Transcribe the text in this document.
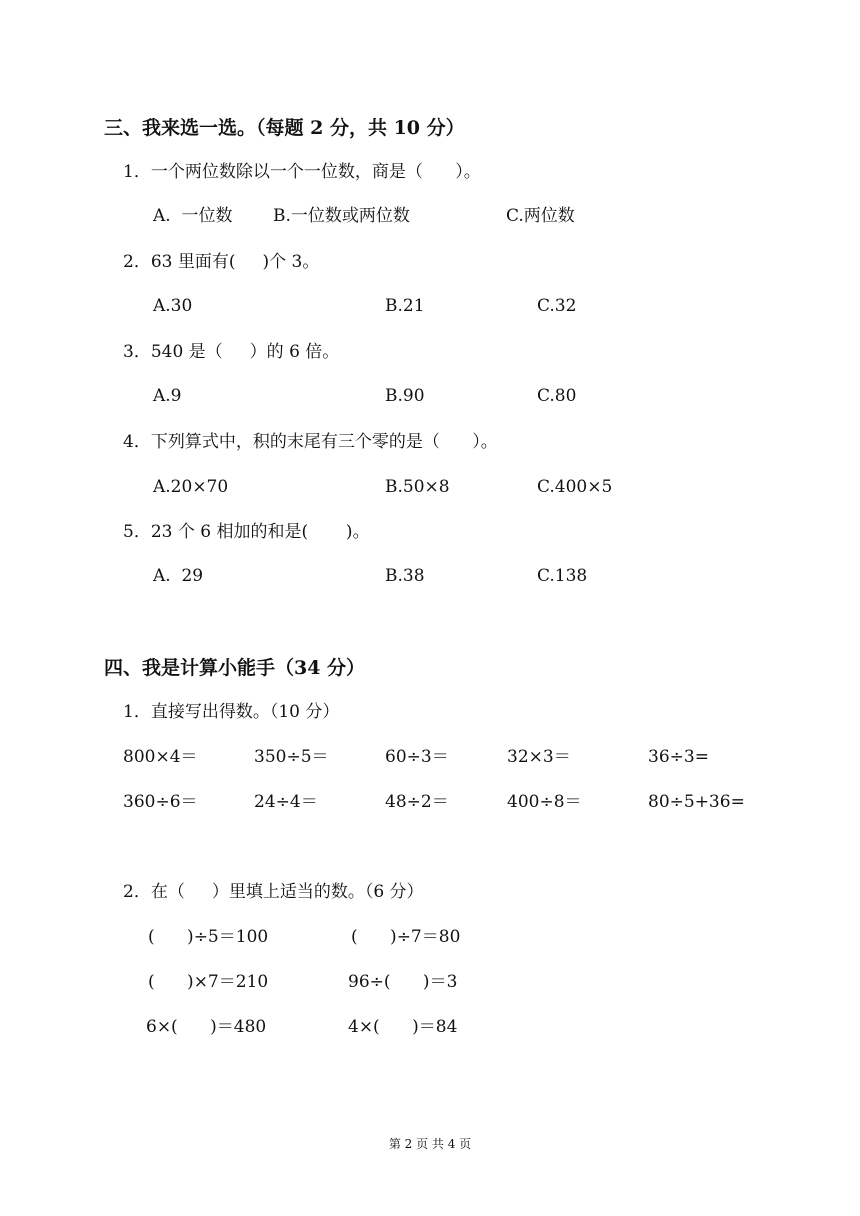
三、我来选一选。（每题 2 分，共 10 分）
1．一个两位数除以一个一位数，商是（      ）。
A.  一位数 B.一位数或两位数	C.两位数
2．63 里面有(     )个 3。
A.30	B.21	C.32
3．540 是（     ）的 6 倍。
A.9	B.90	C.80
4．下列算式中，积的末尾有三个零的是（      ）。
A.20×70	B.50×8	C.400×5
5．23 个 6 相加的和是(       )。
A.  29	B.38	C.138
四、我是计算小能手（34 分）
1．直接写出得数。（10 分）
800×4＝	350÷5＝	60÷3＝	32×3＝	36÷3=
360÷6＝	24÷4＝	48÷2＝	400÷8＝	80÷5+36=
2．在（     ）里填上适当的数。（6 分）
(      )÷5＝100	(      )÷7＝80
(      )×7＝210	96÷(      )＝3
6×(      )＝480	4×(      )＝84
第 2 页 共 4 页
